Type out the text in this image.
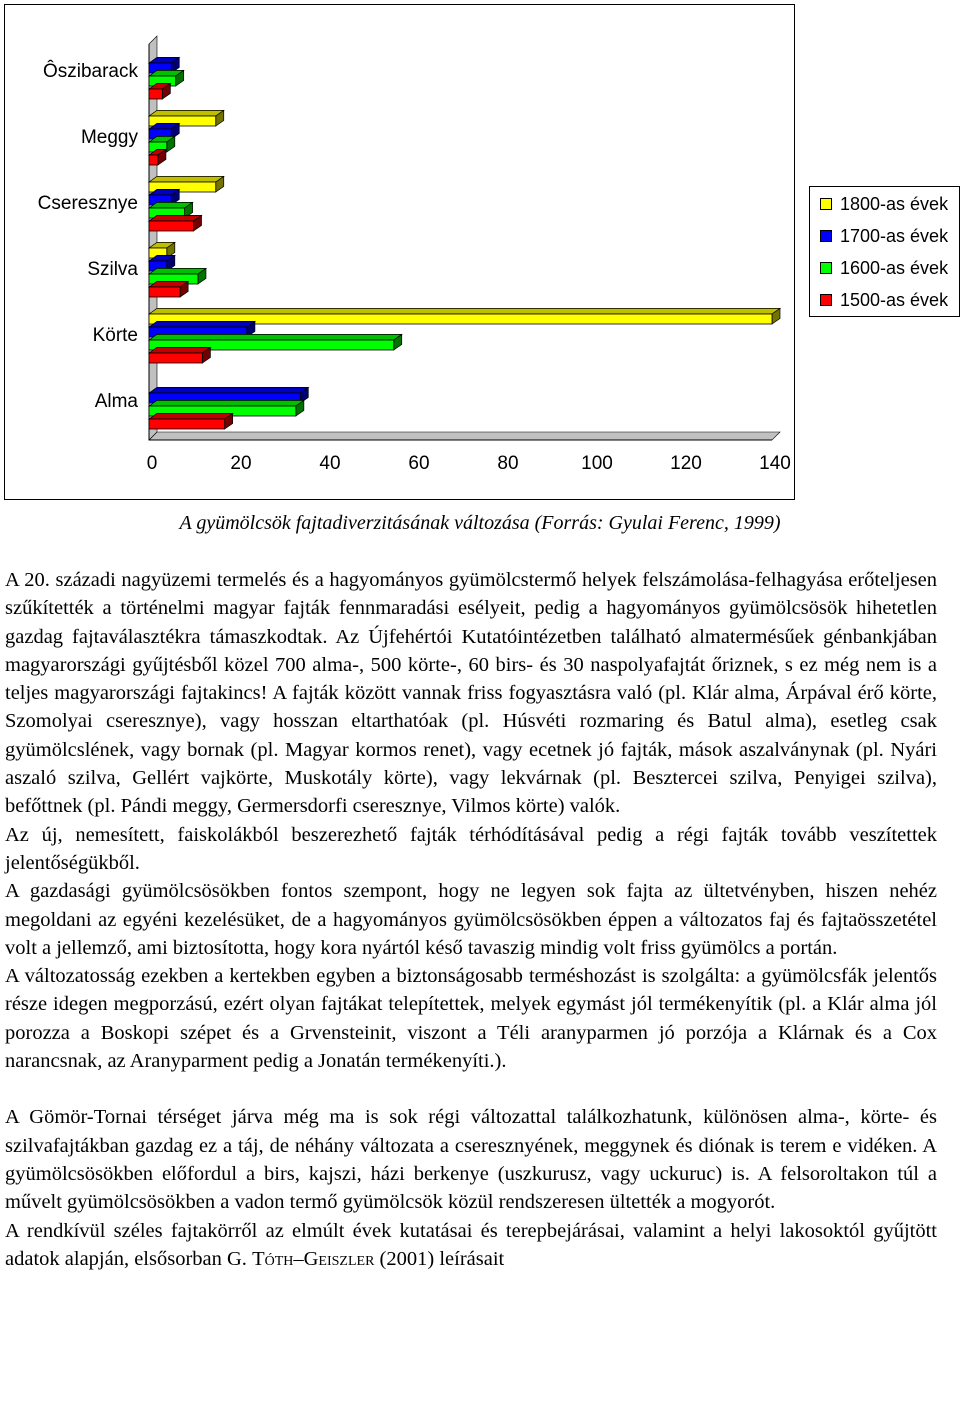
Ôszibarack
Meggy
Cseresznye
Szilva
Körte
Alma
0	20	40	60	80	100	120	140
1800-as évek
1700-as évek
1600-as évek
1500-as évek
A gyümölcsök fajtadiverzitásának változása (Forrás: Gyulai Ferenc, 1999)

A 20. századi nagyüzemi termelés és a hagyományos gyümölcstermő helyek felszámolása-felhagyása erőteljesen szűkítették a történelmi magyar fajták fennmaradási esélyeit, pedig a hagyományos gyümölcsösök hihetetlen gazdag fajtaválasztékra támaszkodtak. Az Újfehértói Kutatóintézetben található almatermésűek génbankjában magyarországi gyűjtésből közel 700 alma-, 500 körte-, 60 birs- és 30 naspolyafajtát őriznek, s ez még nem is a teljes magyarországi fajtakincs! A fajták között vannak friss fogyasztásra való (pl. Klár alma, Árpával érő körte, Szomolyai cseresznye), vagy hosszan eltarthatóak (pl. Húsvéti rozmaring és Batul alma), esetleg csak gyümölcslének, vagy bornak (pl. Magyar kormos renet), vagy ecetnek jó fajták, mások aszalványnak (pl. Nyári aszaló szilva, Gellért vajkörte, Muskotály körte), vagy lekvárnak (pl. Besztercei szilva, Penyigei szilva), befőttnek (pl. Pándi meggy, Germersdorfi cseresznye, Vilmos körte) valók.

Az új, nemesített, faiskolákból beszerezhető fajták térhódításával pedig a régi fajták tovább veszítettek jelentőségükből.

A gazdasági gyümölcsösökben fontos szempont, hogy ne legyen sok fajta az ültetvényben, hiszen nehéz megoldani az egyéni kezelésüket, de a hagyományos gyümölcsösökben éppen a változatos faj és fajtaösszetétel volt a jellemző, ami biztosította, hogy kora nyártól késő tavaszig mindig volt friss gyümölcs a portán.

A változatosság ezekben a kertekben egyben a biztonságosabb terméshozást is szolgálta: a gyümölcsfák jelentős része idegen megporzású, ezért olyan fajtákat telepítettek, melyek egymást jól termékenyítik (pl. a Klár alma jól porozza a Boskopi szépet és a Grvensteinit, viszont a Téli aranyparmen jó porzója a Klárnak és a Cox narancsnak, az Aranyparment pedig a Jonatán termékenyíti.).

A Gömör-Tornai térséget járva még ma is sok régi változattal találkozhatunk, különösen alma-, körte- és szilvafajtákban gazdag ez a táj, de néhány változata a cseresznyének, meggynek és diónak is terem e vidéken. A gyümölcsösökben előfordul a birs, kajszi, házi berkenye (uszkurusz, vagy uckuruc) is. A felsoroltakon túl a művelt gyümölcsösökben a vadon termő gyümölcsök közül rendszeresen ültették a mogyorót.

A rendkívül széles fajtakörről az elmúlt évek kutatásai és terepbejárásai, valamint a helyi lakosoktól gyűjtött adatok alapján, elsősorban G. Tóth–Geiszler (2001) leírásait
